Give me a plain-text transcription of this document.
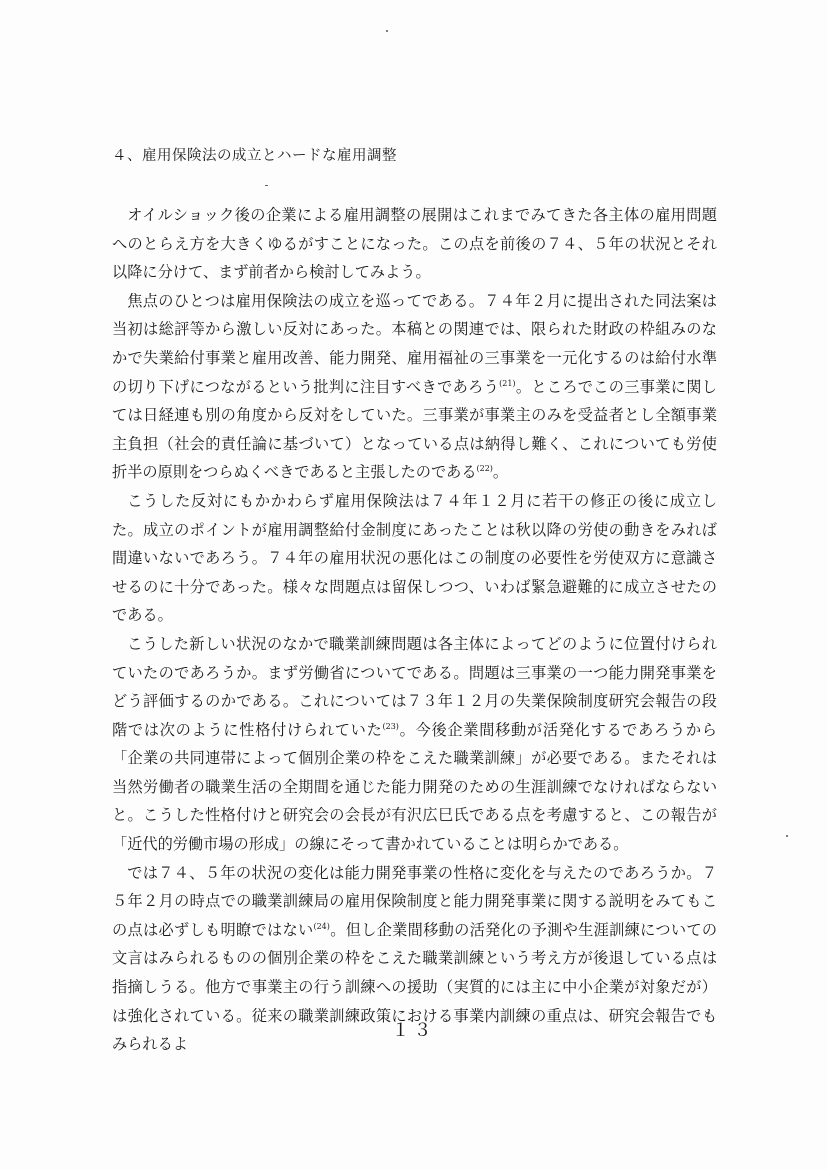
４、雇用保険法の成立とハードな雇用調整

オイルショック後の企業による雇用調整の展開はこれまでみてきた各主体の雇用問題へのとらえ方を大きくゆるがすことになった。この点を前後の７４、５年の状況とそれ以降に分けて、まず前者から検討してみよう。

焦点のひとつは雇用保険法の成立を巡ってである。７４年２月に提出された同法案は当初は総評等から激しい反対にあった。本稿との関連では、限られた財政の枠組みのなかで失業給付事業と雇用改善、能力開発、雇用福祉の三事業を一元化するのは給付水準の切り下げにつながるという批判に注目すべきであろう$^{(21)}$。ところでこの三事業に関しては日経連も別の角度から反対をしていた。三事業が事業主のみを受益者とし全額事業主負担（社会的責任論に基づいて）となっている点は納得し難く、これについても労使折半の原則をつらぬくべきであると主張したのである$^{(22)}$。

こうした反対にもかかわらず雇用保険法は７４年１２月に若干の修正の後に成立した。成立のポイントが雇用調整給付金制度にあったことは秋以降の労使の動きをみれば間違いないであろう。７４年の雇用状況の悪化はこの制度の必要性を労使双方に意識させるのに十分であった。様々な問題点は留保しつつ、いわば緊急避難的に成立させたのである。

こうした新しい状況のなかで職業訓練問題は各主体によってどのように位置付けられていたのであろうか。まず労働省についてである。問題は三事業の一つ能力開発事業をどう評価するのかである。これについては７３年１２月の失業保険制度研究会報告の段階では次のように性格付けられていた$^{(23)}$。今後企業間移動が活発化するであろうから「企業の共同連帯によって個別企業の枠をこえた職業訓練」が必要である。またそれは当然労働者の職業生活の全期間を通じた能力開発のための生涯訓練でなければならないと。こうした性格付けと研究会の会長が有沢広巳氏である点を考慮すると、この報告が「近代的労働市場の形成」の線にそって書かれていることは明らかである。

では７４、５年の状況の変化は能力開発事業の性格に変化を与えたのであろうか。７５年２月の時点での職業訓練局の雇用保険制度と能力開発事業に関する説明をみてもこの点は必ずしも明瞭ではない$^{(24)}$。但し企業間移動の活発化の予測や生涯訓練についての文言はみられるものの個別企業の枠をこえた職業訓練という考え方が後退している点は指摘しうる。他方で事業主の行う訓練への援助（実質的には主に中小企業が対象だが）は強化されている。従来の職業訓練政策における事業内訓練の重点は、研究会報告でもみられるよ

１３
